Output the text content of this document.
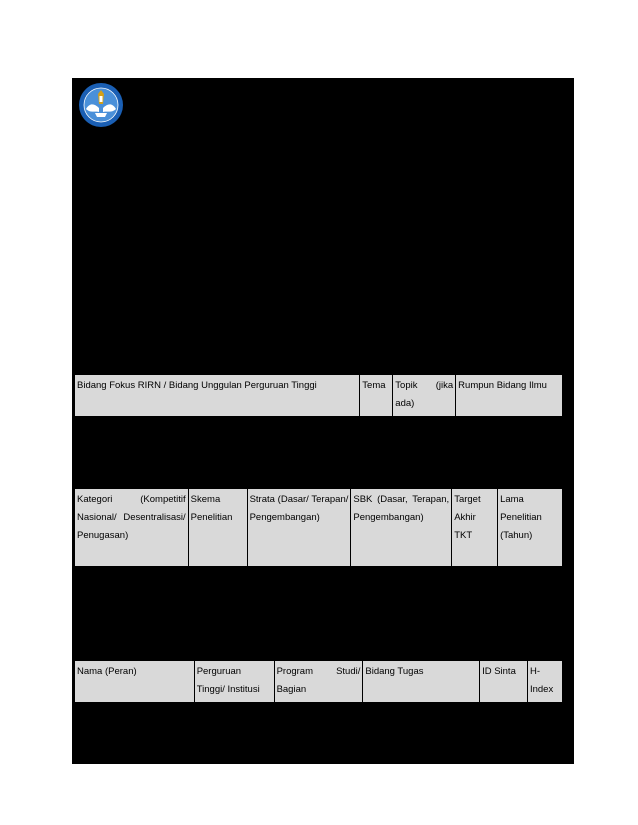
Bidang Fokus RIRN / Bidang Unggulan Perguruan Tinggi	Tema	Topik (jika ada)	Rumpun Bidang Ilmu
Kategori (Kompetitif Nasional/ Desentralisasi/ Penugasan)	Skema Penelitian	Strata (Dasar/ Terapan/ Pengembangan)	SBK (Dasar, Terapan, Pengembangan)	Target Akhir TKT	Lama Penelitian (Tahun)
Nama (Peran)	Perguruan Tinggi/ Institusi	Program Studi/ Bagian	Bidang Tugas	ID Sinta	H-Index
